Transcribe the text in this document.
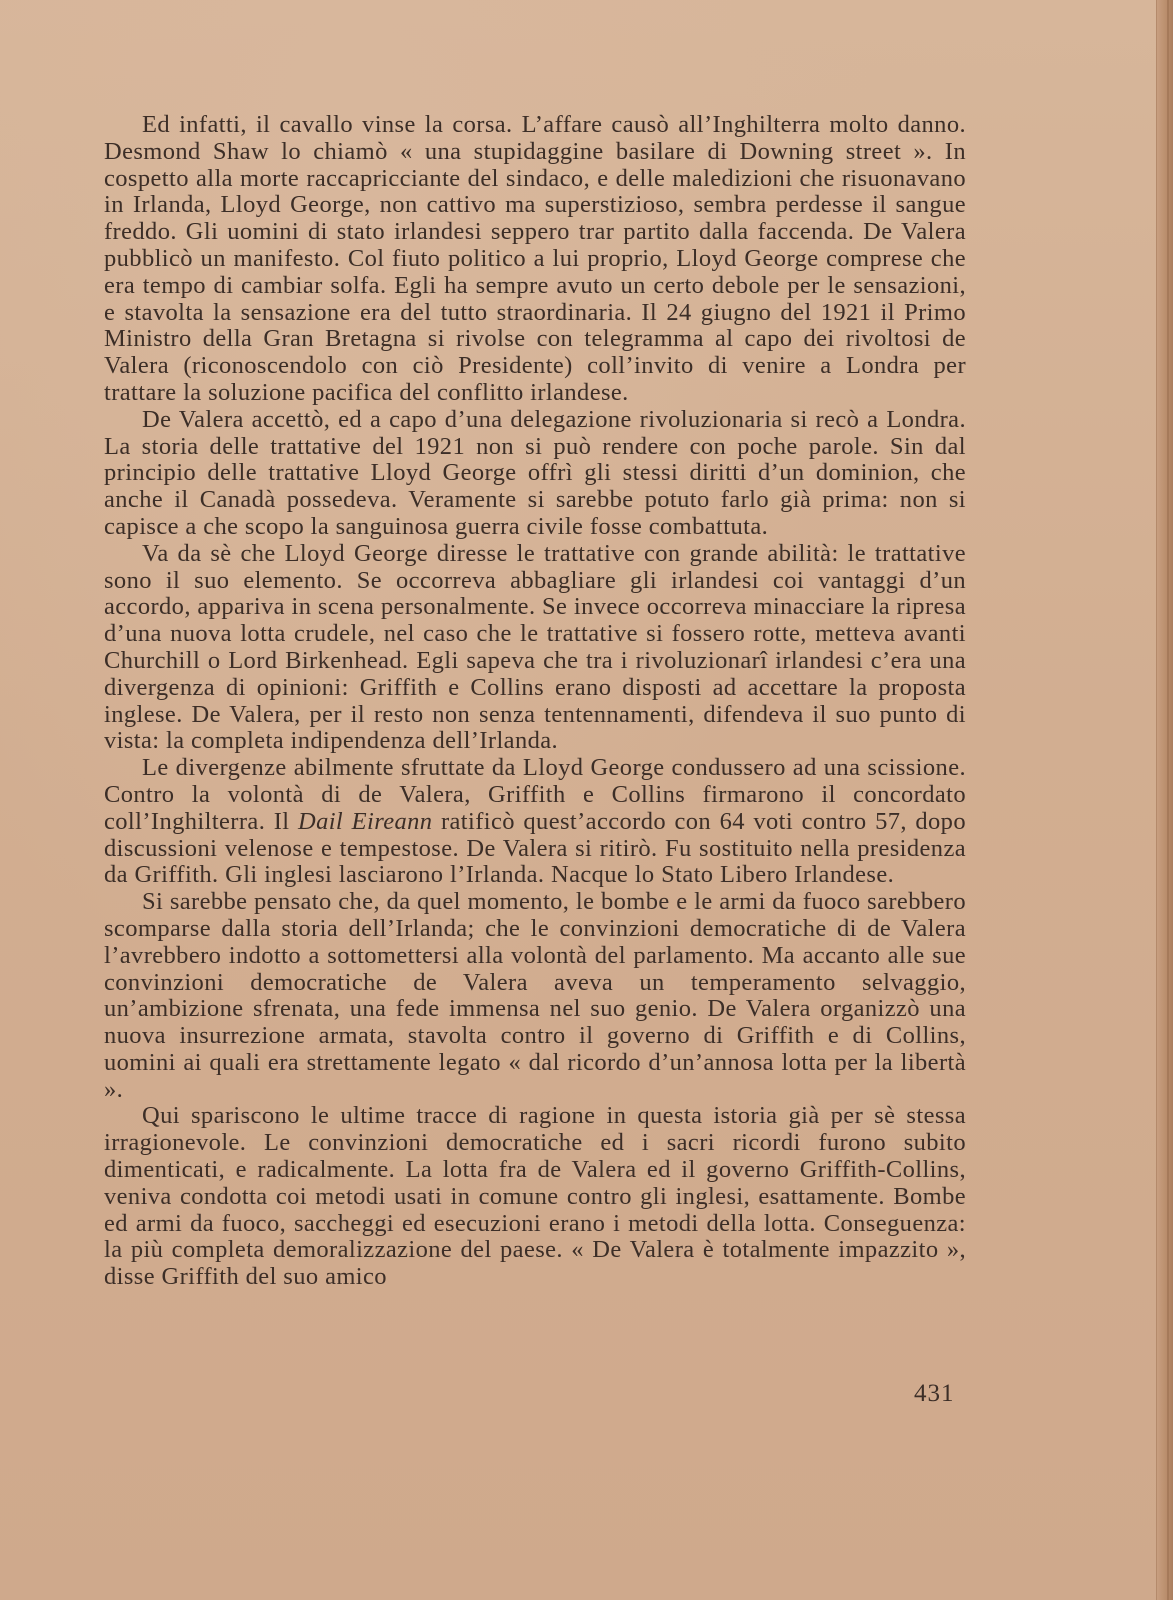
Ed infatti, il cavallo vinse la corsa. L’affare causò all’Inghilterra molto danno. Desmond Shaw lo chiamò « una stupidaggine basilare di Downing street ». In cospetto alla morte raccapricciante del sindaco, e delle maledizioni che risuonavano in Irlanda, Lloyd George, non cattivo ma superstizioso, sembra perdesse il sangue freddo. Gli uomini di stato irlandesi seppero trar partito dalla faccenda. De Valera pubblicò un manifesto. Col fiuto politico a lui proprio, Lloyd George comprese che era tempo di cambiar solfa. Egli ha sempre avuto un certo debole per le sensazioni, e stavolta la sensazione era del tutto straordinaria. Il 24 giugno del 1921 il Primo Ministro della Gran Bretagna si rivolse con telegramma al capo dei rivoltosi de Valera (riconoscendolo con ciò Presidente) coll’invito di venire a Londra per trattare la soluzione pacifica del conflitto irlandese.

De Valera accettò, ed a capo d’una delegazione rivoluzionaria si recò a Londra. La storia delle trattative del 1921 non si può rendere con poche parole. Sin dal principio delle trattative Lloyd George offrì gli stessi diritti d’un dominion, che anche il Canadà possedeva. Veramente si sarebbe potuto farlo già prima: non si capisce a che scopo la sanguinosa guerra civile fosse combattuta.

Va da sè che Lloyd George diresse le trattative con grande abilità: le trattative sono il suo elemento. Se occorreva abbagliare gli irlandesi coi vantaggi d’un accordo, appariva in scena personalmente. Se invece occorreva minacciare la ripresa d’una nuova lotta crudele, nel caso che le trattative si fossero rotte, metteva avanti Churchill o Lord Birkenhead. Egli sapeva che tra i rivoluzionarî irlandesi c’era una divergenza di opinioni: Griffith e Collins erano disposti ad accettare la proposta inglese. De Valera, per il resto non senza tentennamenti, difendeva il suo punto di vista: la completa indipendenza dell’Irlanda.

Le divergenze abilmente sfruttate da Lloyd George condussero ad una scissione. Contro la volontà di de Valera, Griffith e Collins firmarono il concordato coll’Inghilterra. Il Dail Eireann ratificò quest’accordo con 64 voti contro 57, dopo discussioni velenose e tempestose. De Valera si ritirò. Fu sostituito nella presidenza da Griffith. Gli inglesi lasciarono l’Irlanda. Nacque lo Stato Libero Irlandese.

Si sarebbe pensato che, da quel momento, le bombe e le armi da fuoco sarebbero scomparse dalla storia dell’Irlanda; che le convinzioni democratiche di de Valera l’avrebbero indotto a sottomettersi alla volontà del parlamento. Ma accanto alle sue convinzioni democratiche de Valera aveva un temperamento selvaggio, un’ambizione sfrenata, una fede immensa nel suo genio. De Valera organizzò una nuova insurrezione armata, stavolta contro il governo di Griffith e di Collins, uomini ai quali era strettamente legato « dal ricordo d’un’annosa lotta per la libertà ».

Qui spariscono le ultime tracce di ragione in questa istoria già per sè stessa irragionevole. Le convinzioni democratiche ed i sacri ricordi furono subito dimenticati, e radicalmente. La lotta fra de Valera ed il governo Griffith-Collins, veniva condotta coi metodi usati in comune contro gli inglesi, esattamente. Bombe ed armi da fuoco, saccheggi ed esecuzioni erano i metodi della lotta. Conseguenza: la più completa demoralizzazione del paese. « De Valera è totalmente impazzito », disse Griffith del suo amico

431
